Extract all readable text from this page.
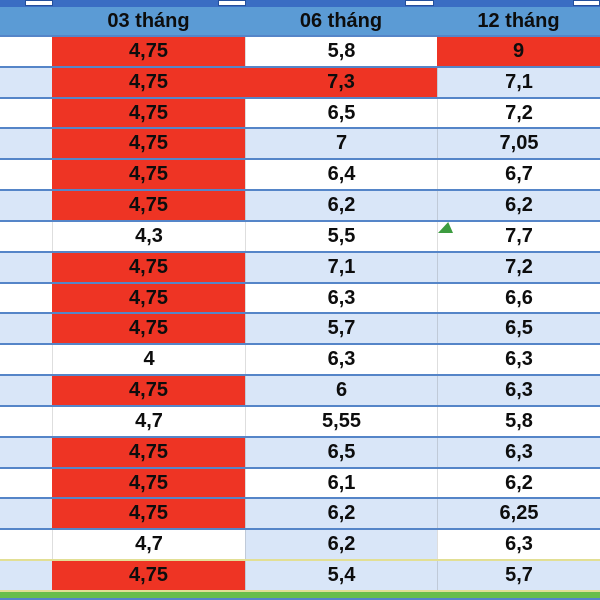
03 tháng	06 tháng	12 tháng
4,75	5,8	9
4,75	7,3	7,1
4,75	6,5	7,2
4,75	7	7,05
4,75	6,4	6,7
4,75	6,2	6,2
4,3	5,5	7,7
4,75	7,1	7,2
4,75	6,3	6,6
4,75	5,7	6,5
4	6,3	6,3
4,75	6	6,3
4,7	5,55	5,8
4,75	6,5	6,3
4,75	6,1	6,2
4,75	6,2	6,25
4,7	6,2	6,3
4,75	5,4	5,7
